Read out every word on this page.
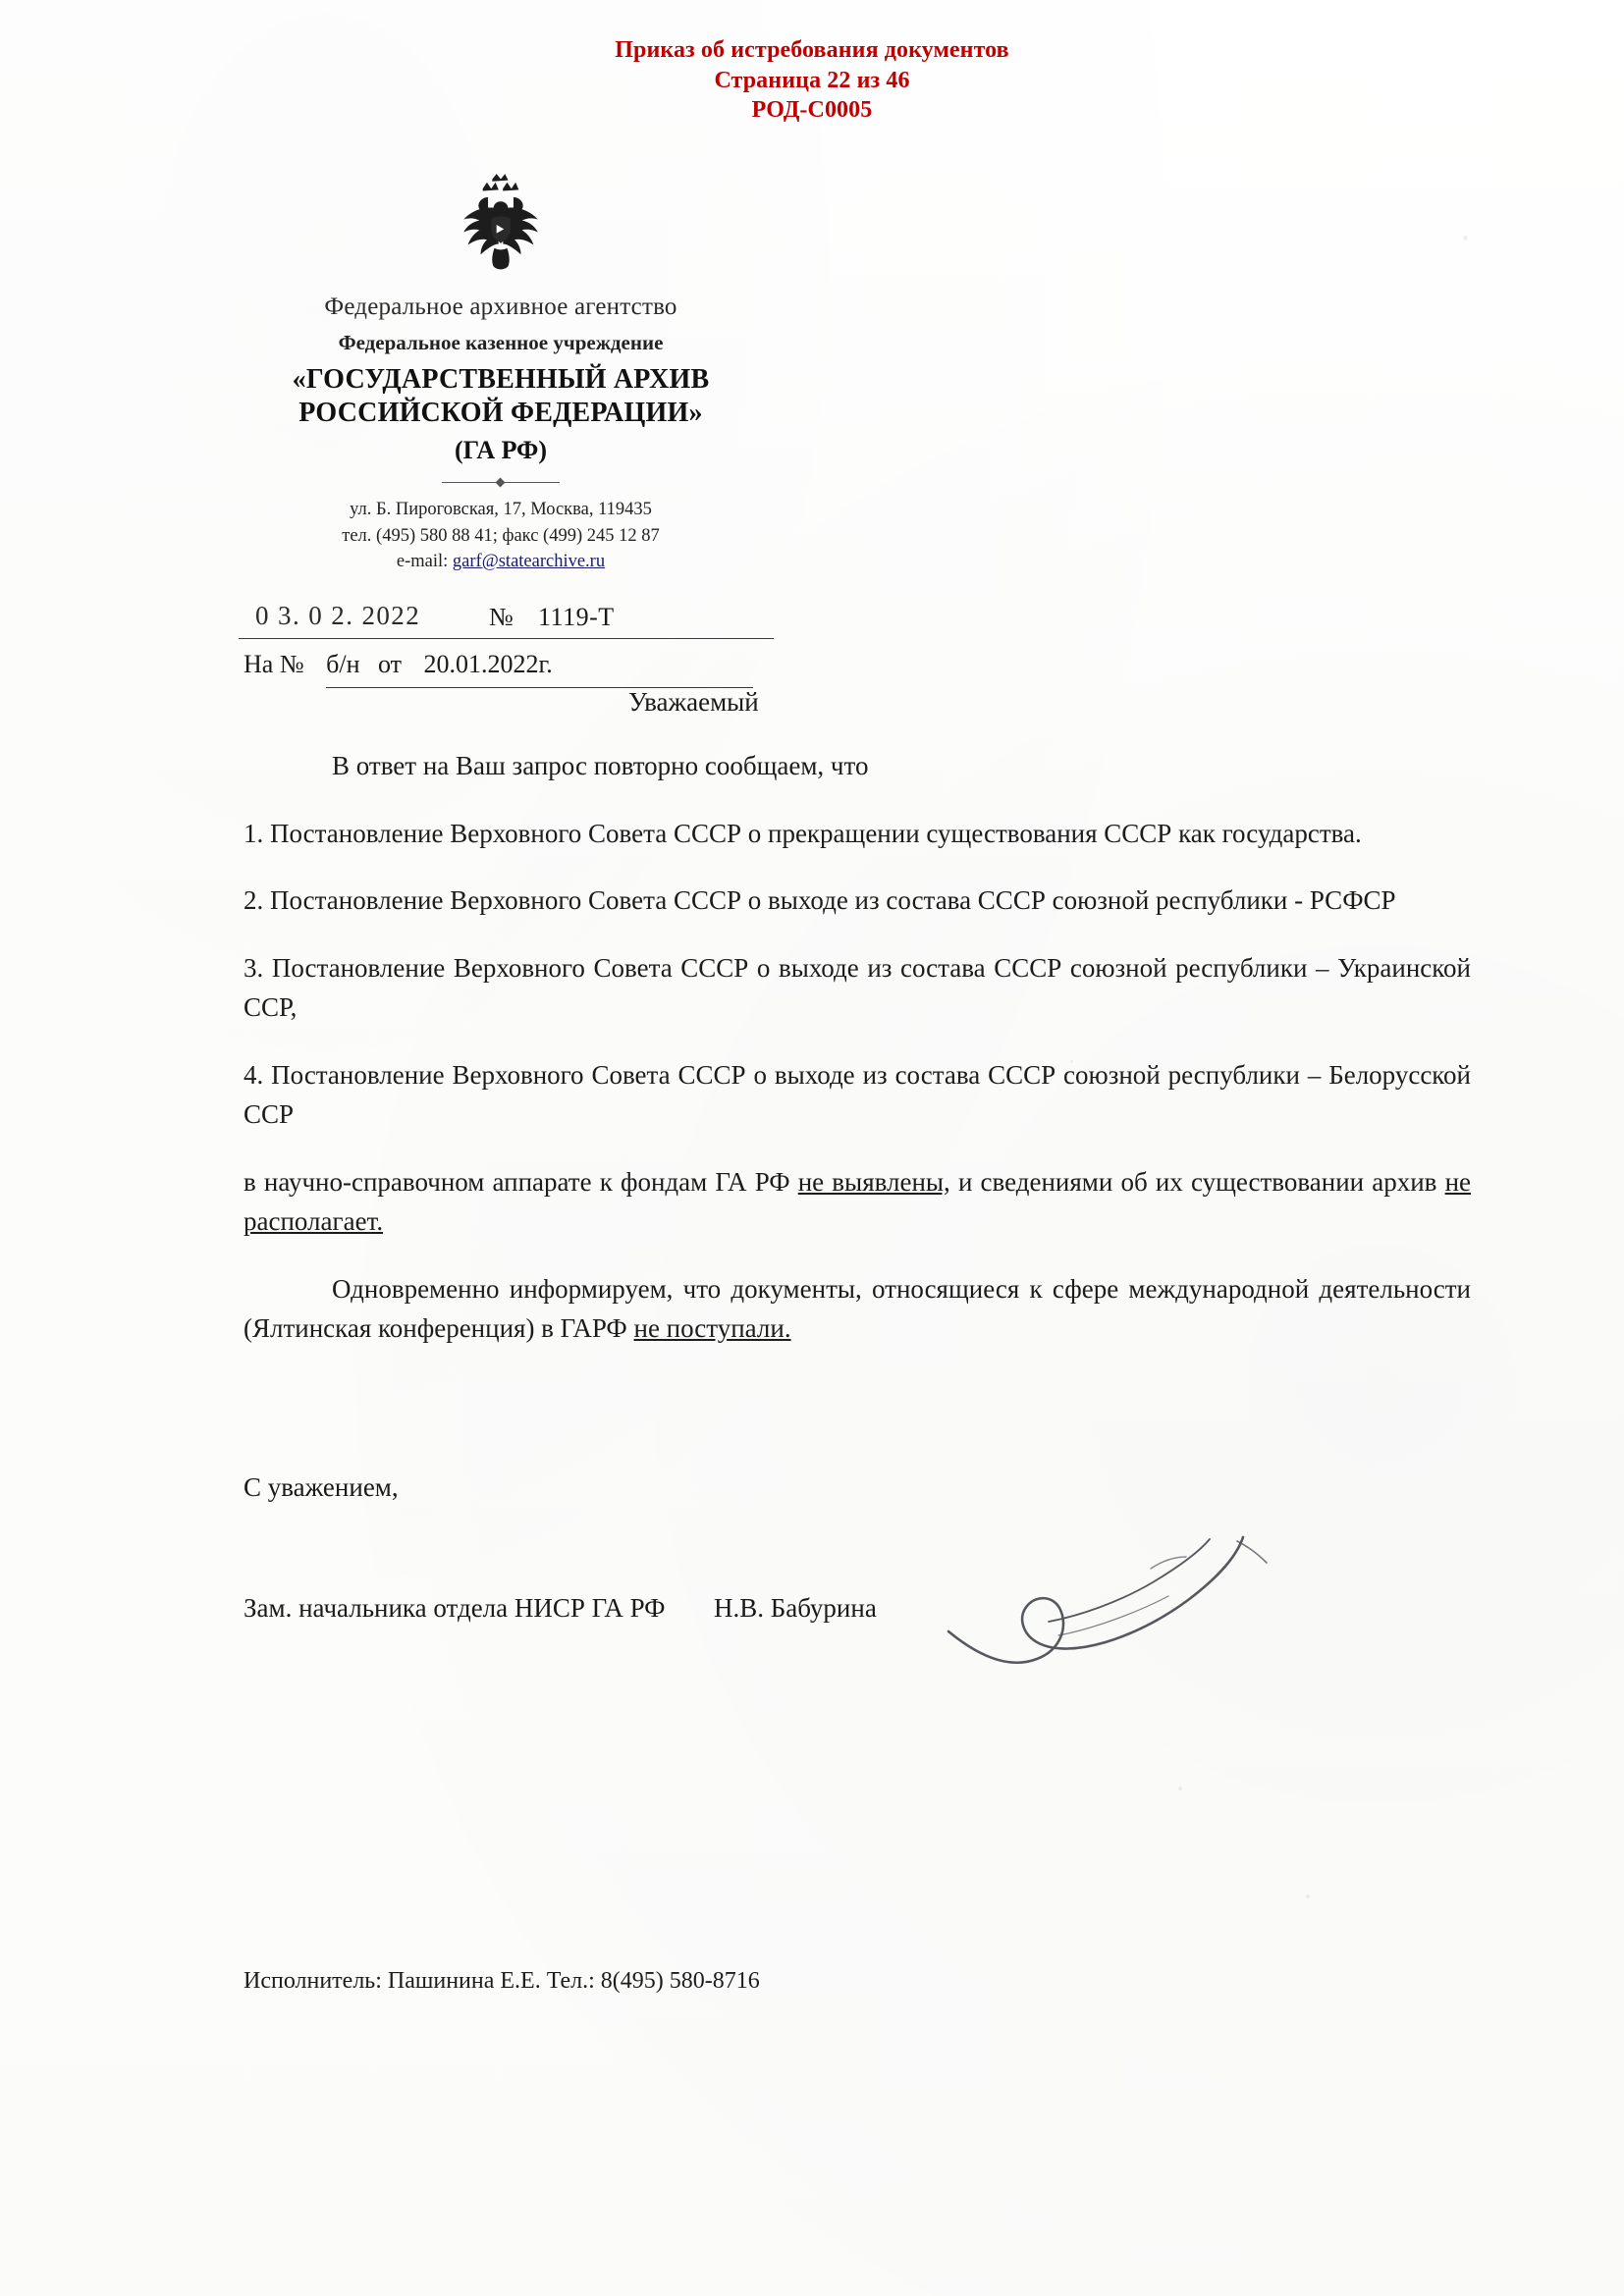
Приказ об истребования документов
Страница 22 из 46
РОД-С0005
Федеральное архивное агентство
Федеральное казенное учреждение
«ГОСУДАРСТВЕННЫЙ АРХИВ
РОССИЙСКОЙ ФЕДЕРАЦИИ»
(ГА РФ)
ул. Б. Пироговская, 17, Москва, 119435
тел. (495) 580 88 41; факс (499) 245 12 87
e-mail: garf@statearchive.ru
0 3. 0 2. 2022	№ 1119-Т
На № б/н от 20.01.2022г.
Уважаемый

В ответ на Ваш запрос повторно сообщаем, что

1. Постановление Верховного Совета СССР о прекращении существования СССР как государства.

2. Постановление Верховного Совета СССР о выходе из состава СССР союзной республики - РСФСР

3. Постановление Верховного Совета СССР о выходе из состава СССР союзной республики – Украинской ССР,

4. Постановление Верховного Совета СССР о выходе из состава СССР союзной республики – Белорусской ССР

в научно-справочном аппарате к фондам ГА РФ не выявлены, и сведениями об их существовании архив не располагает.

Одновременно информируем, что документы, относящиеся к сфере международной деятельности (Ялтинская конференция) в ГАРФ не поступали.

С уважением,
Зам. начальника отдела НИСР ГА РФ Н.В. Бабурина
Исполнитель: Пашинина Е.Е. Тел.: 8(495) 580-8716
